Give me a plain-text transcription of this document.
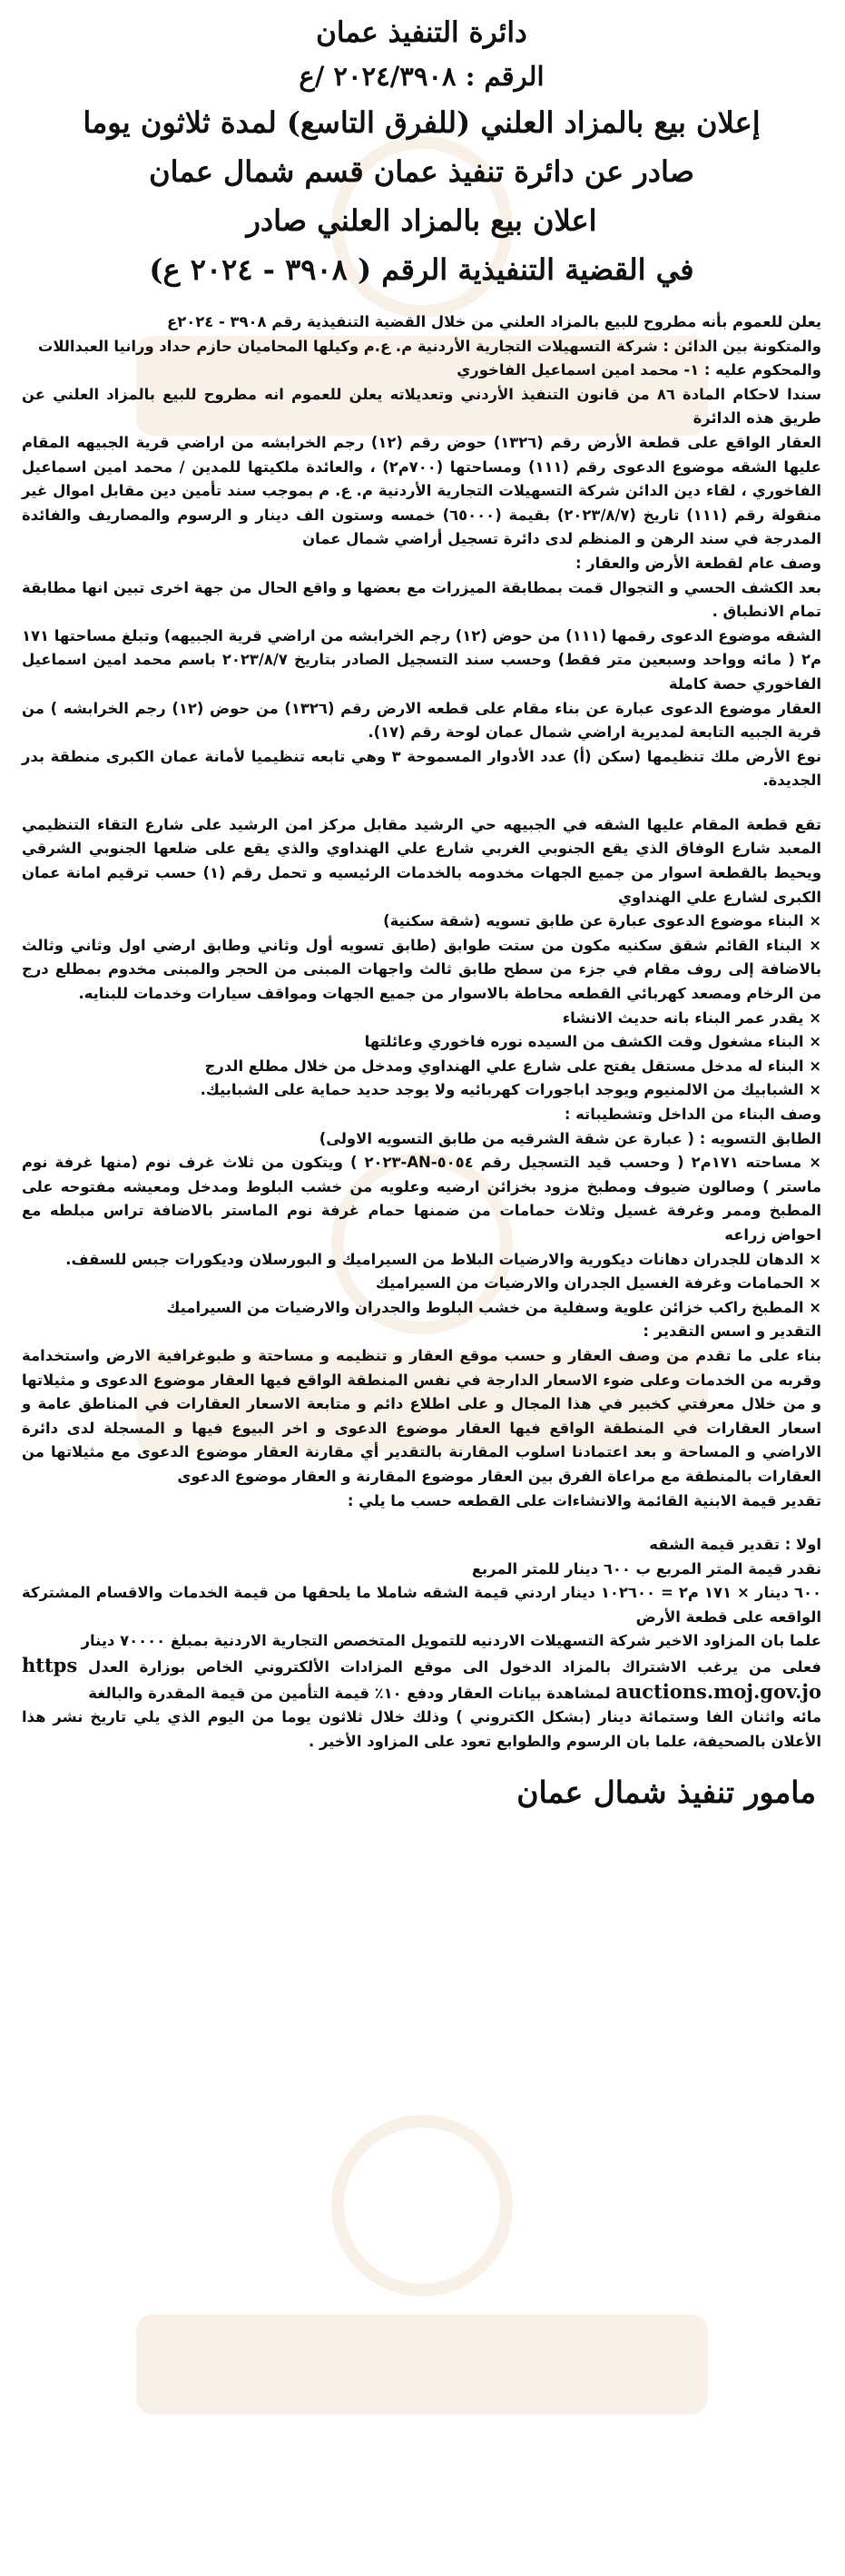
دائرة التنفيذ عمان
الرقم : ٢٠٢٤/٣٩٠٨ /ع
إعلان بيع بالمزاد العلني (للفرق التاسع) لمدة ثلاثون يوما
صادر عن دائرة تنفيذ عمان قسم شمال عمان
اعلان بيع بالمزاد العلني صادر
في القضية التنفيذية الرقم ( ٣٩٠٨ - ٢٠٢٤ ع)

يعلن للعموم بأنه مطروح للبيع بالمزاد العلني من خلال القضية التنفيذية رقم ٣٩٠٨ - ٢٠٢٤ع

والمتكونة بين الدائن : شركة التسهيلات التجارية الأردنية م. ع.م وكيلها المحاميان حازم حداد ورانيا العبداللات

والمحكوم عليه : ١- محمد امين اسماعيل الفاخوري

سندا لاحكام المادة ٨٦ من قانون التنفيذ الأردني وتعديلاته يعلن للعموم انه مطروح للبيع بالمزاد العلني عن طريق هذه الدائرة

العقار الواقع على قطعة الأرض رقم (١٣٢٦) حوض رقم (١٢) رجم الخرابشه من اراضي قرية الجبيهه المقام عليها الشقه موضوع الدعوى رقم (١١١) ومساحتها (٧٠٠م٢) ، والعائدة ملكيتها للمدين / محمد امين اسماعيل الفاخوري ، لقاء دين الدائن شركة التسهيلات التجارية الأردنية م. ع. م بموجب سند تأمين دين مقابل اموال غير منقولة رقم (١١١) تاريخ (٢٠٢٣/٨/٧) بقيمة (٦٥٠٠٠) خمسه وستون الف دينار و الرسوم والمصاريف والفائدة المدرجة في سند الرهن و المنظم لدى دائرة تسجيل أراضي شمال عمان

وصف عام لقطعة الأرض والعقار :

بعد الكشف الحسي و التجوال قمت بمطابقة الميزرات مع بعضها و واقع الحال من جهة اخرى تبين انها مطابقة تمام الانطباق .

الشقه موضوع الدعوى رقمها (١١١) من حوض (١٢) رجم الخرابشه من اراضي قرية الجبيهه) وتبلغ مساحتها ١٧١ م٢ ( مائه وواحد وسبعين متر فقط) وحسب سند التسجيل الصادر بتاريخ ٢٠٢٣/٨/٧ باسم محمد امين اسماعيل الفاخوري حصة كاملة

العقار موضوع الدعوى عبارة عن بناء مقام على قطعه الارض رقم (١٣٢٦) من حوض (١٢) رجم الخرابشه ) من قرية الجبيه التابعة لمديرية اراضي شمال عمان لوحة رقم (١٧).

نوع الأرض ملك تنظيمها (سكن (أ) عدد الأدوار المسموحة ٣ وهي تابعه تنظيميا لأمانة عمان الكبرى منطقة بدر الجديدة.

تقع قطعة المقام عليها الشقه في الجبيهه حي الرشيد مقابل مركز امن الرشيد على شارع التقاء التنظيمي المعبد شارع الوفاق الذي يقع الجنوبي الغربي شارع علي الهنداوي والذي يقع على ضلعها الجنوبي الشرقي ويحيط بالقطعة اسوار من جميع الجهات مخدومه بالخدمات الرئيسيه و تحمل رقم (١) حسب ترقيم امانة عمان الكبرى لشارع علي الهنداوي

× البناء موضوع الدعوى عبارة عن طابق تسويه (شقة سكنية)

× البناء القائم شقق سكنيه مكون من ستت طوابق (طابق تسويه أول وثاني وطابق ارضي اول وثاني وثالث بالاضافة إلى روف مقام في جزء من سطح طابق ثالث واجهات المبنى من الحجر والمبنى مخدوم بمطلع درج من الرخام ومصعد كهربائي القطعه محاطة بالاسوار من جميع الجهات ومواقف سيارات وخدمات للبنايه.

× يقدر عمر البناء بانه حديث الانشاء

× البناء مشغول وقت الكشف من السيده نوره فاخوري وعائلتها

× البناء له مدخل مستقل يفتح على شارع علي الهنداوي ومدخل من خلال مطلع الدرج

× الشبابيك من الالمنيوم ويوجد اباجورات كهربائيه ولا يوجد حديد حماية على الشبابيك.

وصف البناء من الداخل وتشطيباته :

الطابق التسويه : ( عبارة عن شقة الشرقيه من طابق التسويه الاولى)

× مساحته ١٧١م٢ ( وحسب قيد التسجيل رقم ٥٠٥٤-AN-٢٠٢٣ ) ويتكون من ثلاث غرف نوم (منها غرفة نوم ماستر ) وصالون ضيوف ومطبخ مزود بخزائن ارضيه وعلويه من خشب البلوط ومدخل ومعيشه مفتوحه على المطبخ وممر وغرفة غسيل وثلاث حمامات من ضمنها حمام غرفة نوم الماستر بالاضافة تراس مبلطه مع احواض زراعه

× الدهان للجدران دهانات ديكورية والارضيات البلاط من السيراميك و البورسلان وديكورات جبس للسقف.

× الحمامات وغرفة الغسيل الجدران والارضيات من السيراميك

× المطبخ راكب خزائن علوية وسفلية من خشب البلوط والجدران والارضيات من السيراميك

التقدير و اسس التقدير :

بناء على ما تقدم من وصف العقار و حسب موقع العقار و تنظيمه و مساحتة و طبوغرافية الارض واستخدامة وقربه من الخدمات وعلى ضوء الاسعار الدارجة في نفس المنطقة الواقع فيها العقار موضوع الدعوى و مثيلاتها و من خلال معرفتي كخبير في هذا المجال و على اطلاع دائم و متابعة الاسعار العقارات في المناطق عامة و اسعار العقارات في المنطقة الواقع فيها العقار موضوع الدعوى و اخر البيوع فيها و المسجلة لدى دائرة الاراضي و المساحة و بعد اعتمادنا اسلوب المقارنة بالتقدير أي مقارنة العقار موضوع الدعوى مع مثيلاتها من العقارات بالمنطقة مع مراعاة الفرق بين العقار موضوع المقارنة و العقار موضوع الدعوى

تقدير قيمة الابنية القائمة والانشاءات على القطعه حسب ما يلي :

اولا : تقدير قيمة الشقه

نقدر قيمة المتر المربع ب ٦٠٠ دينار للمتر المربع

٦٠٠ دينار × ١٧١ م٢ = ١٠٢٦٠٠ دينار اردني قيمة الشقه شاملا ما يلحقها من قيمة الخدمات والاقسام المشتركة الواقعه على قطعة الأرض

علما بان المزاود الاخير شركة التسهيلات الاردنيه للتمويل المتخصص التجارية الاردنية بمبلغ ٧٠٠٠٠ دينار

فعلى من يرغب الاشتراك بالمزاد الدخول الى موقع المزادات الألكتروني الخاص بوزارة العدل https auctions.moj.gov.jo لمشاهدة بيانات العقار ودفع ١٠٪ قيمة التأمين من قيمة المقدرة والبالغة

مائه واثنان الفا وستمائة دينار (بشكل الكتروني ) وذلك خلال ثلاثون يوما من اليوم الذي يلي تاريخ نشر هذا الأعلان بالصحيفة، علما بان الرسوم والطوابع تعود على المزاود الأخير .

مامور تنفيذ شمال عمان
